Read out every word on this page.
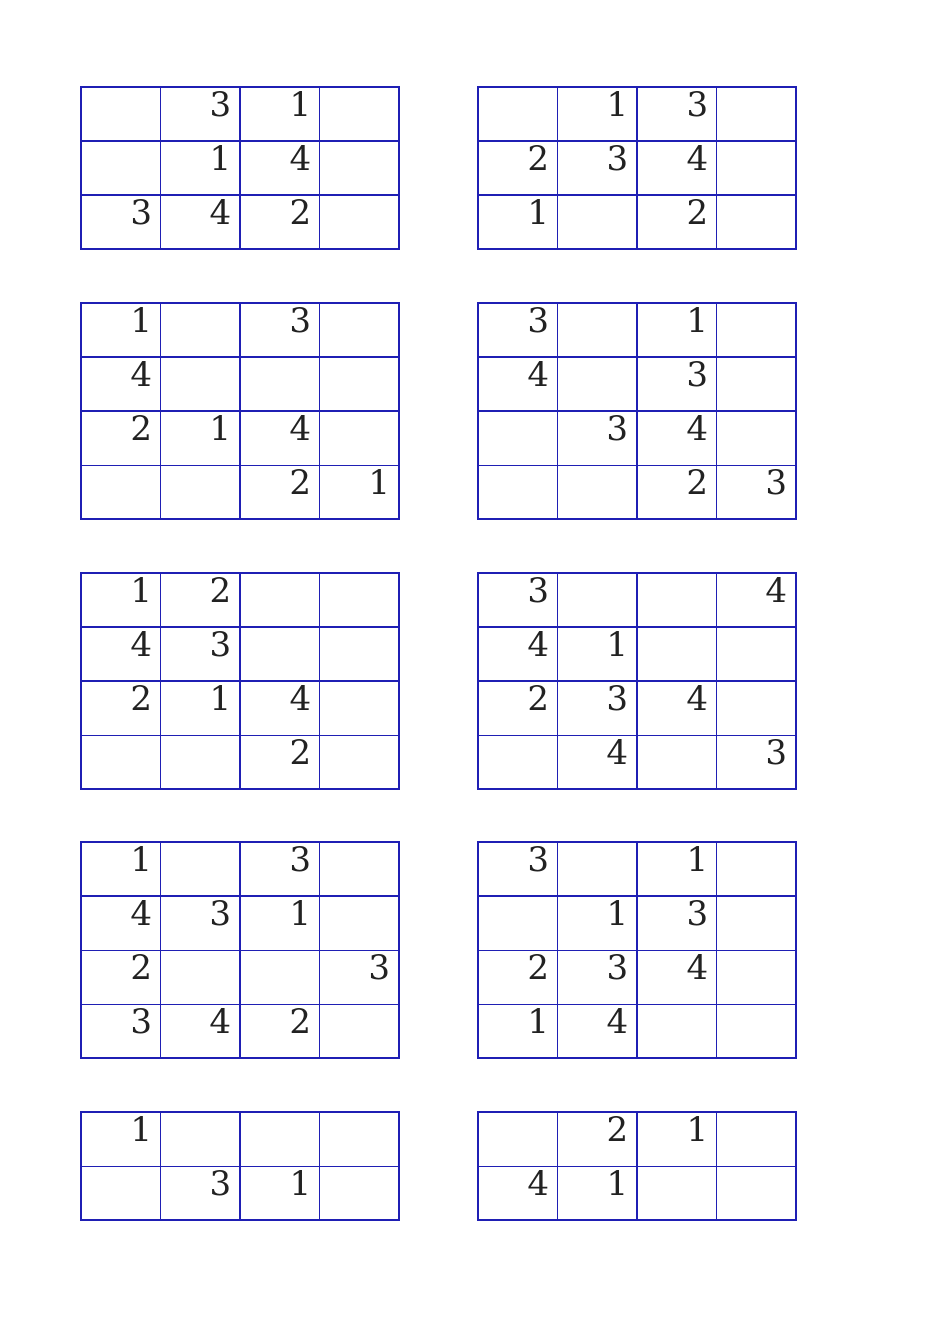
	3	1	
	1	4	
3	4	2	
	1	3	
2	3	4	
1		2	
1		3	
4			
2	1	4	
		2	1
3		1	
4		3	
	3	4	
		2	3
1	2		
4	3		
2	1	4	
		2	
3			4
4	1		
2	3	4	
	4		3
1		3	
4	3	1	
2			3
3	4	2	
3		1	
	1	3	
2	3	4	
1	4		
1			
	3	1	
	2	1	
4	1		
